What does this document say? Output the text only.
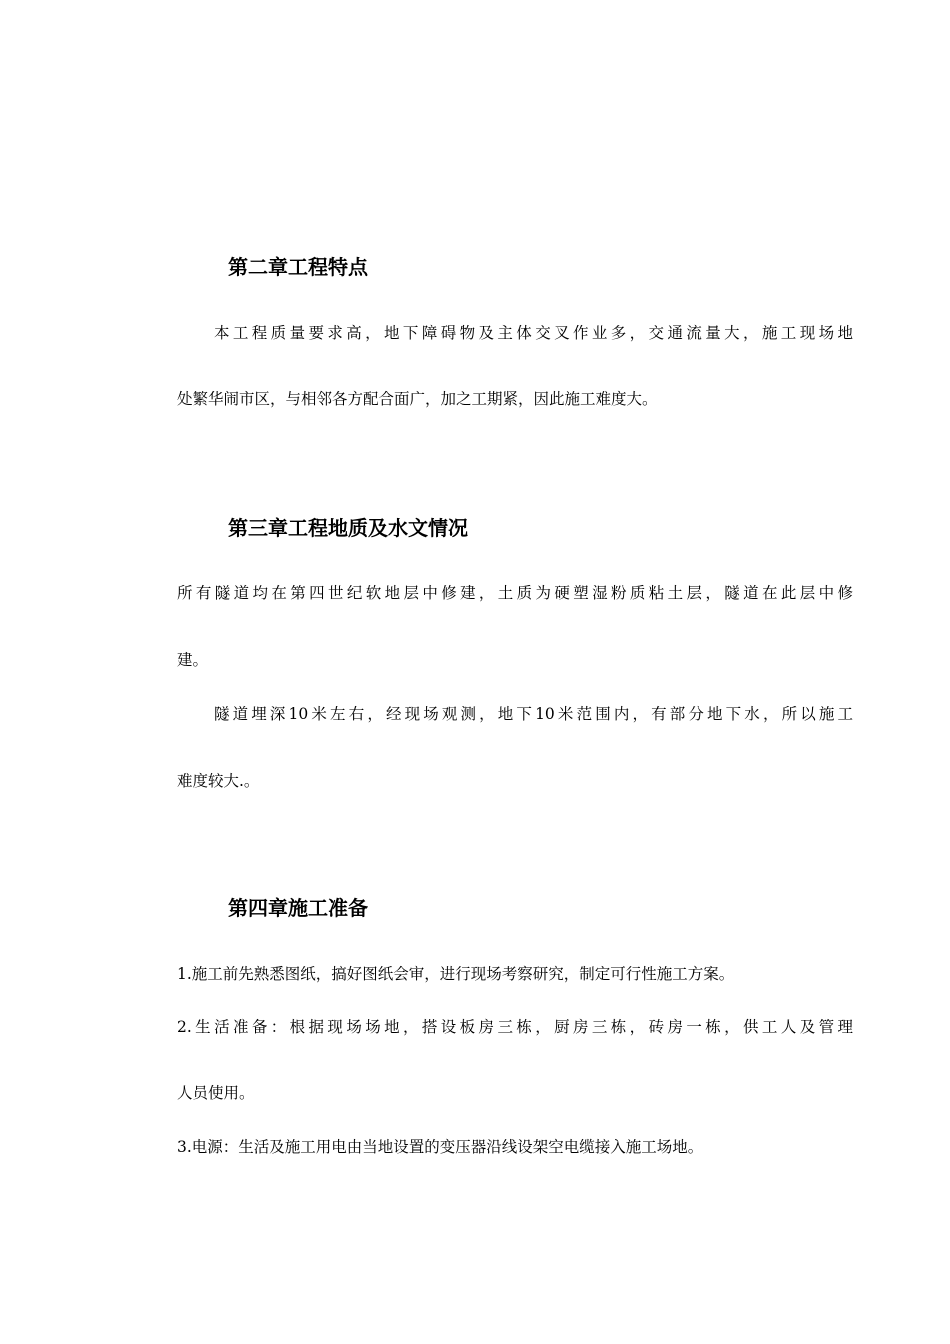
第二章工程特点

本工程质量要求高，地下障碍物及主体交叉作业多，交通流量大，施工现场地

处繁华闹市区，与相邻各方配合面广，加之工期紧，因此施工难度大。

第三章工程地质及水文情况

所有隧道均在第四世纪软地层中修建，土质为硬塑湿粉质粘土层，隧道在此层中修

建。

隧道埋深10米左右，经现场观测，地下10米范围内，有部分地下水，所以施工

难度较大.。

第四章施工准备

1.施工前先熟悉图纸，搞好图纸会审，进行现场考察研究，制定可行性施工方案。

2.生活准备：根据现场场地，搭设板房三栋，厨房三栋，砖房一栋，供工人及管理

人员使用。

3.电源：生活及施工用电由当地设置的变压器沿线设架空电缆接入施工场地。
